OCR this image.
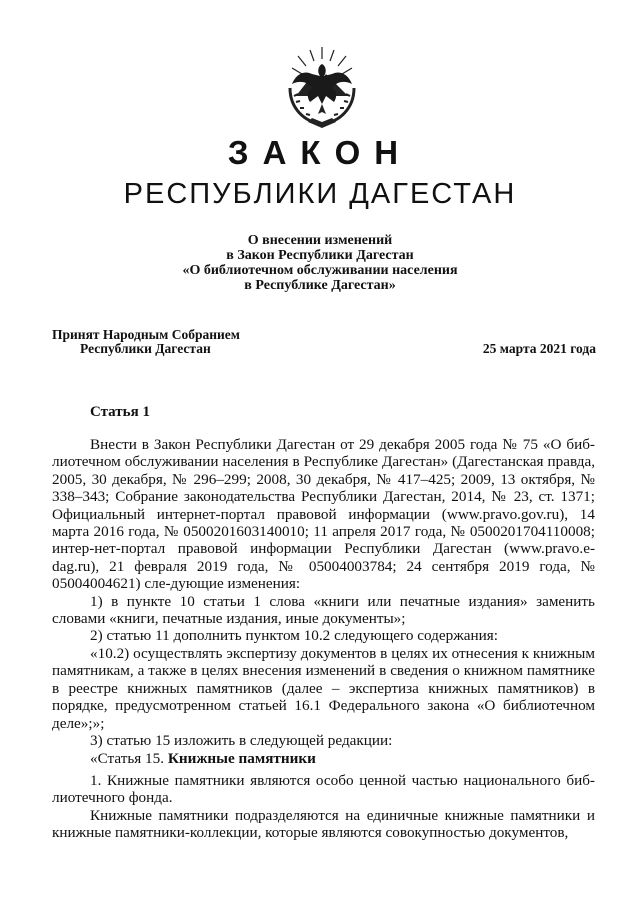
ЗАКОН
РЕСПУБЛИКИ ДАГЕСТАН
О внесении изменений
в Закон Республики Дагестан
«О библиотечном обслуживании населения
в Республике Дагестан»
Принят Народным Собранием
Республики Дагестан	25 марта 2021 года
Статья 1

Внести в Закон Республики Дагестан от 29 декабря 2005 года № 75 «О биб-лиотечном обслуживании населения в Республике Дагестан» (Дагестанская правда, 2005, 30 декабря, № 296–299; 2008, 30 декабря, № 417–425; 2009, 13 октября, № 338–343; Собрание законодательства Республики Дагестан, 2014, № 23, ст. 1371; Официальный интернет-портал правовой информации (www.pravo.gov.ru), 14 марта 2016 года, № 0500201603140010; 11 апреля 2017 года, № 0500201704110008; интер-нет-портал правовой информации Республики Дагестан (www.pravo.e-dag.ru), 21 февраля 2019 года, № 05004003784; 24 сентября 2019 года, № 05004004621) сле-дующие изменения:

1) в пункте 10 статьи 1 слова «книги или печатные издания» заменить словами «книги, печатные издания, иные документы»;

2) статью 11 дополнить пунктом 10.2 следующего содержания:

«10.2) осуществлять экспертизу документов в целях их отнесения к книжным памятникам, а также в целях внесения изменений в сведения о книжном памятнике в реестре книжных памятников (далее – экспертиза книжных памятников) в порядке, предусмотренном статьей 16.1 Федерального закона «О библиотечном деле»;»;

3) статью 15 изложить в следующей редакции:

«Статья 15. Книжные памятники

1. Книжные памятники являются особо ценной частью национального биб-лиотечного фонда.

Книжные памятники подразделяются на единичные книжные памятники и книжные памятники-коллекции, которые являются совокупностью документов,
